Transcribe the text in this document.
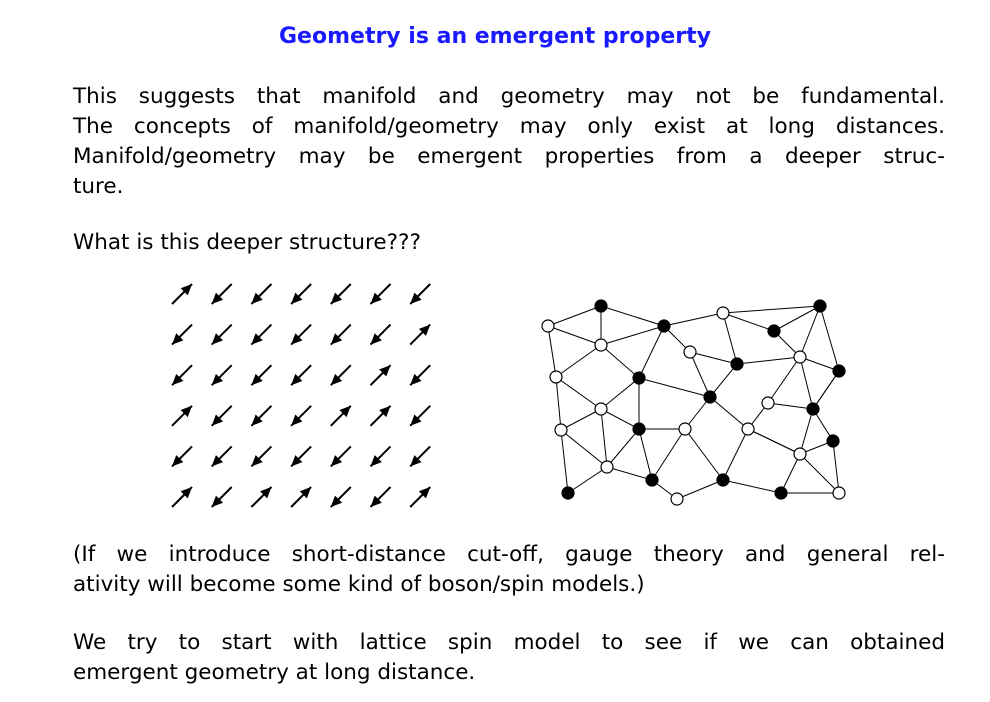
Geometry is an emergent property
This suggests that manifold and geometry may not be fundamental.
The concepts of manifold/geometry may only exist at long distances.
Manifold/geometry may be emergent properties from a deeper struc-
ture.
What is this deeper structure???
(If we introduce short-distance cut-off, gauge theory and general rel-
ativity will become some kind of boson/spin models.)
We try to start with lattice spin model to see if we can obtained
emergent geometry at long distance.
